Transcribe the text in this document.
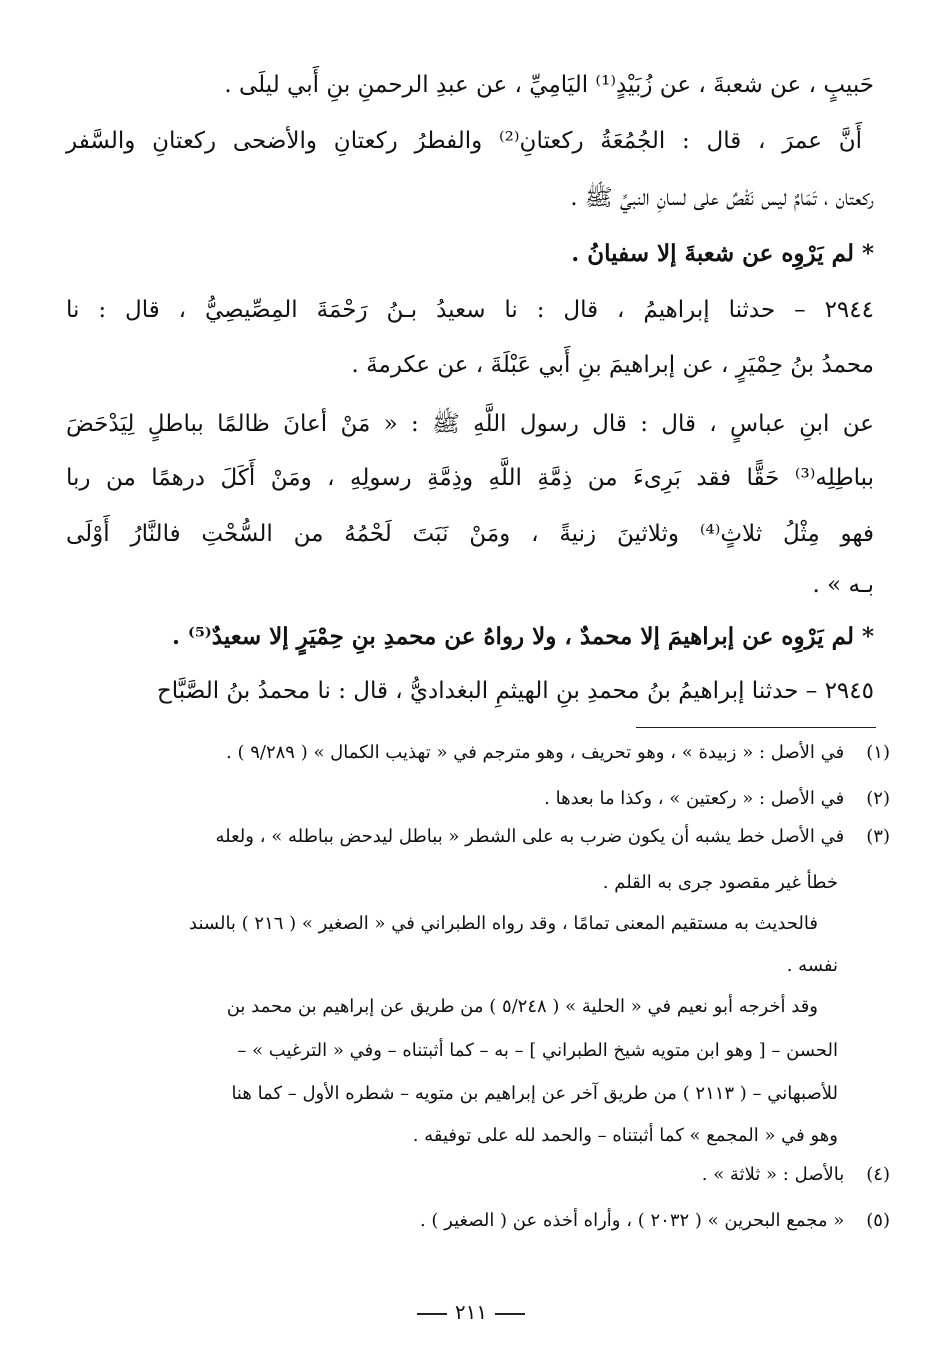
حَبيبٍ ، عن شعبةَ ، عن زُبَيْدٍ⁽¹⁾ اليَامِيِّ ، عن عبدِ الرحمنِ بنِ أَبي ليلَى .
أَنَّ عمرَ ، قال : الجُمُعَةُ ركعتانِ⁽²⁾ والفطرُ ركعتانِ والأضحى ركعتانِ والسَّفر
ركعتان ، تَمَامٌ ليس نَقْصٌ على لسانِ النبيِّ ﷺ .
* لم يَرْوِه عن شعبةَ إلا سفيانُ .
٢٩٤٤ – حدثنا إبراهيمُ ، قال : نا سعيدُ بـنُ رَحْمَةَ المِصِّيصِيُّ ، قال : نا
محمدُ بنُ حِمْيَرٍ ، عن إبراهيمَ بنِ أَبي عَبْلَةَ ، عن عكرمةَ .
عن ابنِ عباسٍ ، قال : قال رسول اللَّهِ ﷺ : « مَنْ أعانَ ظالمًا بباطلٍ لِيَدْحَضَ
بباطِلِه⁽³⁾ حَقًّا فقد بَرِىءَ من ذِمَّةِ اللَّهِ وذِمَّةِ رسولِهِ ، ومَنْ أَكَلَ درهمًا من ربا
فهو مِثْلُ ثلاثٍ⁽⁴⁾ وثلاثينَ زنيةً ، ومَنْ نَبَتَ لَحْمُهُ من السُّحْتِ فالنَّارُ أَوْلَى
بـه » .
* لم يَرْوِه عن إبراهيمَ إلا محمدٌ ، ولا رواهُ عن محمدِ بنِ حِمْيَرٍ إلا سعيدٌ⁽⁵⁾ .
٢٩٤٥ – حدثنا إبراهيمُ بنُ محمدِ بنِ الهيثمِ البغداديُّ ، قال : نا محمدُ بنُ الصَّبَّاح
(١) في الأصل : « زبيدة » ، وهو تحريف ، وهو مترجم في « تهذيب الكمال » ( ٩/٢٨٩ ) .
(٢) في الأصل : « ركعتين » ، وكذا ما بعدها .
(٣) في الأصل خط يشبه أن يكون ضرب به على الشطر « بباطل ليدحض بباطله » ، ولعله
خطأ غير مقصود جرى به القلم .
فالحديث به مستقيم المعنى تمامًا ، وقد رواه الطبراني في « الصغير » ( ٢١٦ ) بالسند
نفسه .
وقد أخرجه أبو نعيم في « الحلية » ( ٥/٢٤٨ ) من طريق عن إبراهيم بن محمد بن
الحسن – [ وهو ابن متويه شيخ الطبراني ] – به – كما أثبتناه – وفي « الترغيب » –
للأصبهاني – ( ٢١١٣ ) من طريق آخر عن إبراهيم بن متويه – شطره الأول – كما هنا
وهو في « المجمع » كما أثبتناه – والحمد لله على توفيقه .
(٤) بالأصل : « ثلاثة » .
(٥) « مجمع البحرين » ( ٢٠٣٢ ) ، وأراه أخذه عن ( الصغير ) .
٢١١
